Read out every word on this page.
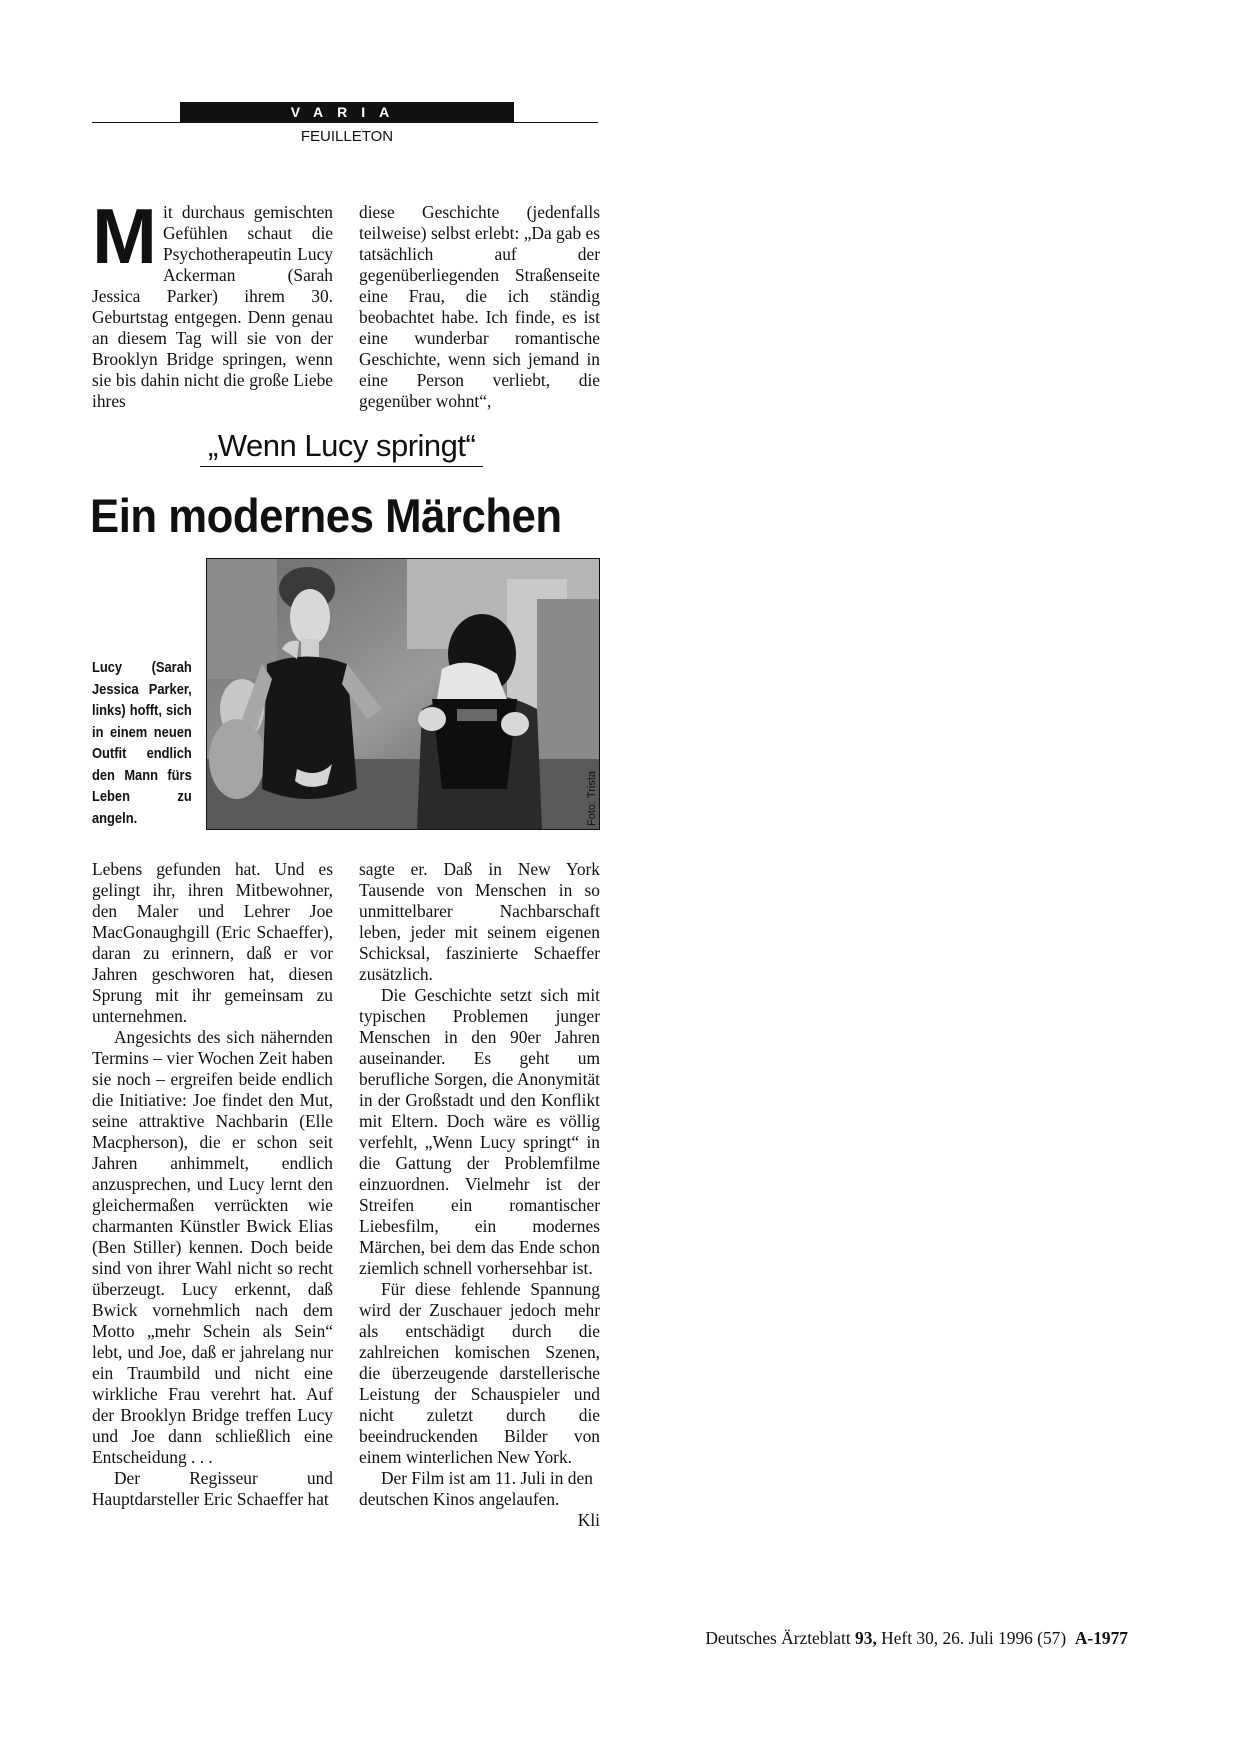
VARIA
FEUILLETON

Mit durchaus gemischten Gefühlen schaut die Psychotherapeutin Lucy Ackerman (Sarah Jessica Parker) ihrem 30. Geburtstag entgegen. Denn genau an diesem Tag will sie von der Brooklyn Bridge springen, wenn sie bis dahin nicht die große Liebe ihres

diese Geschichte (jedenfalls teilweise) selbst erlebt: „Da gab es tatsächlich auf der gegenüberliegenden Straßenseite eine Frau, die ich ständig beobachtet habe. Ich finde, es ist eine wunderbar romantische Geschichte, wenn sich jemand in eine Person verliebt, die gegenüber wohnt“,

„Wenn Lucy springt“
Ein modernes Märchen
Lucy (Sarah Jessica Parker, links) hofft, sich in einem neuen Outfit endlich den Mann fürs Leben zu angeln.	Foto: Trista

Lebens gefunden hat. Und es gelingt ihr, ihren Mitbewohner, den Maler und Lehrer Joe MacGonaughgill (Eric Schaeffer), daran zu erinnern, daß er vor Jahren geschworen hat, diesen Sprung mit ihr gemeinsam zu unternehmen.

Angesichts des sich nähernden Termins – vier Wochen Zeit haben sie noch – ergreifen beide endlich die Initiative: Joe findet den Mut, seine attraktive Nachbarin (Elle Macpherson), die er schon seit Jahren anhimmelt, endlich anzusprechen, und Lucy lernt den gleichermaßen verrückten wie charmanten Künstler Bwick Elias (Ben Stiller) kennen. Doch beide sind von ihrer Wahl nicht so recht überzeugt. Lucy erkennt, daß Bwick vornehmlich nach dem Motto „mehr Schein als Sein“ lebt, und Joe, daß er jahrelang nur ein Traumbild und nicht eine wirkliche Frau verehrt hat. Auf der Brooklyn Bridge treffen Lucy und Joe dann schließlich eine Entscheidung . . .

Der Regisseur und Hauptdarsteller Eric Schaeffer hat

sagte er. Daß in New York Tausende von Menschen in so unmittelbarer Nachbarschaft leben, jeder mit seinem eigenen Schicksal, faszinierte Schaeffer zusätzlich.

Die Geschichte setzt sich mit typischen Problemen junger Menschen in den 90er Jahren auseinander. Es geht um berufliche Sorgen, die Anonymität in der Großstadt und den Konflikt mit Eltern. Doch wäre es völlig verfehlt, „Wenn Lucy springt“ in die Gattung der Problemfilme einzuordnen. Vielmehr ist der Streifen ein romantischer Liebesfilm, ein modernes Märchen, bei dem das Ende schon ziemlich schnell vorhersehbar ist.

Für diese fehlende Spannung wird der Zuschauer jedoch mehr als entschädigt durch die zahlreichen komischen Szenen, die überzeugende darstellerische Leistung der Schauspieler und nicht zuletzt durch die beeindruckenden Bilder von einem winterlichen New York.

Der Film ist am 11. Juli in den deutschen Kinos angelaufen.
Kli

Deutsches Ärzteblatt 93, Heft 30, 26. Juli 1996 (57) A-1977
